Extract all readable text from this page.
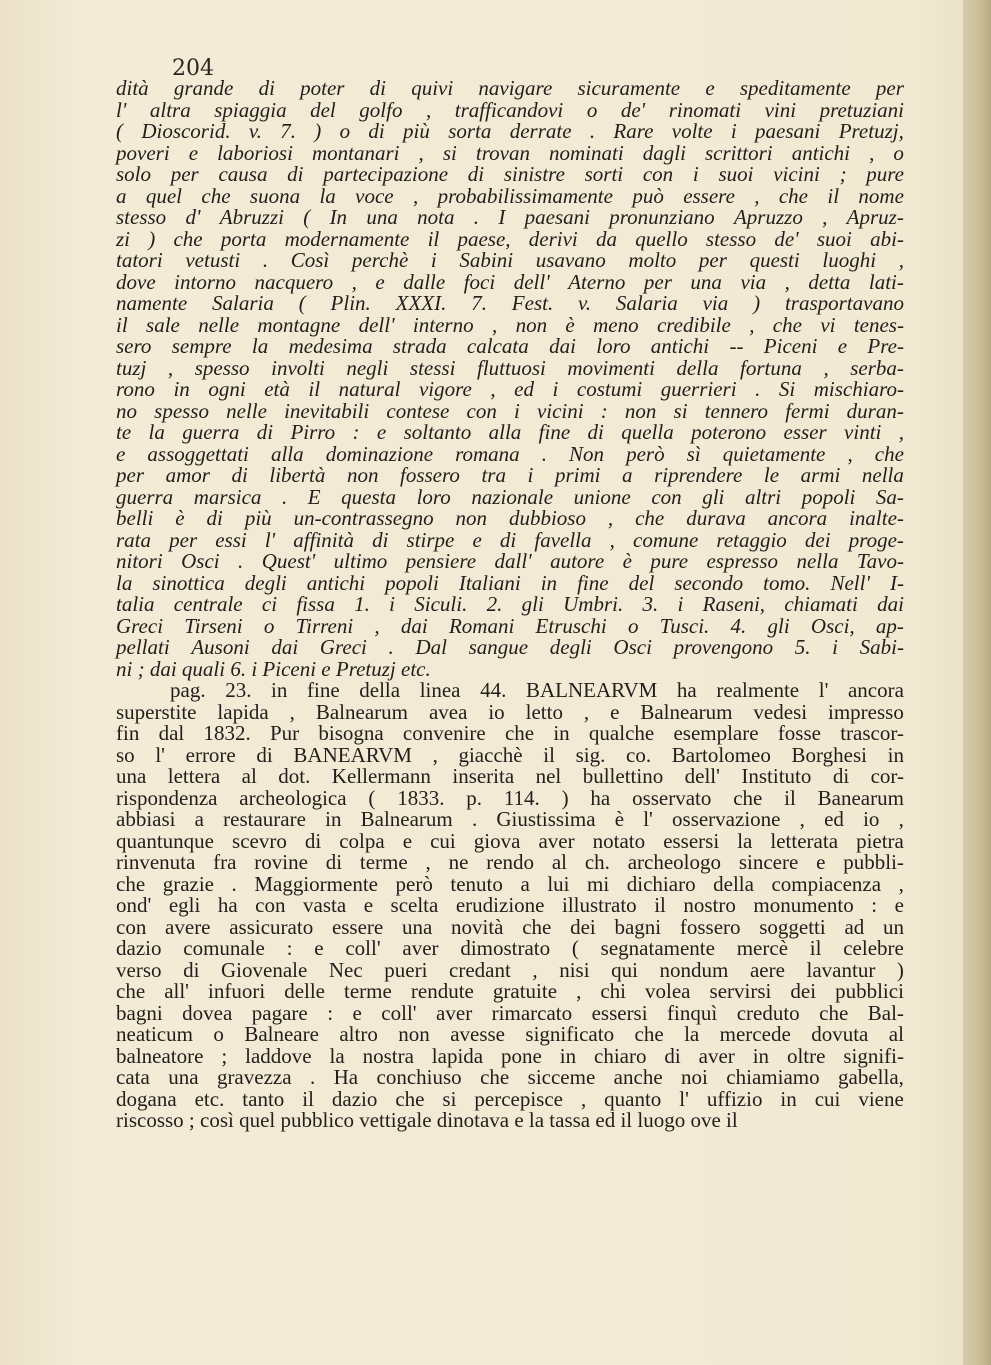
204
dità grande di poter di quivi navigare sicuramente e speditamente per
l' altra spiaggia del golfo , trafficandovi o de' rinomati vini pretuziani
( Dioscorid. v. 7. ) o di più sorta derrate . Rare volte i paesani Pretuzj,
poveri e laboriosi montanari , si trovan nominati dagli scrittori antichi , o
solo per causa di partecipazione di sinistre sorti con i suoi vicini ; pure
a quel che suona la voce , probabilissimamente può essere , che il nome
stesso d' Abruzzi ( In una nota . I paesani pronunziano Apruzzo , Apruz-
zi ) che porta modernamente il paese, derivi da quello stesso de' suoi abi-
tatori vetusti . Così perchè i Sabini usavano molto per questi luoghi ,
dove intorno nacquero , e dalle foci dell' Aterno per una via , detta lati-
namente Salaria ( Plin. XXXI. 7. Fest. v. Salaria via ) trasportavano
il sale nelle montagne dell' interno , non è meno credibile , che vi tenes-
sero sempre la medesima strada calcata dai loro antichi -- Piceni e Pre-
tuzj , spesso involti negli stessi fluttuosi movimenti della fortuna , serba-
rono in ogni età il natural vigore , ed i costumi guerrieri . Si mischiaro-
no spesso nelle inevitabili contese con i vicini : non si tennero fermi duran-
te la guerra di Pirro : e soltanto alla fine di quella poterono esser vinti ,
e assoggettati alla dominazione romana . Non però sì quietamente , che
per amor di libertà non fossero tra i primi a riprendere le armi nella
guerra marsica . E questa loro nazionale unione con gli altri popoli Sa-
belli è di più un-contrassegno non dubbioso , che durava ancora inalte-
rata per essi l' affinità di stirpe e di favella , comune retaggio dei proge-
nitori Osci . Quest' ultimo pensiere dall' autore è pure espresso nella Tavo-
la sinottica degli antichi popoli Italiani in fine del secondo tomo. Nell' I-
talia centrale ci fissa 1. i Siculi. 2. gli Umbri. 3. i Raseni, chiamati dai
Greci Tirseni o Tirreni , dai Romani Etruschi o Tusci. 4. gli Osci, ap-
pellati Ausoni dai Greci . Dal sangue degli Osci provengono 5. i Sabi-
ni ; dai quali 6. i Piceni e Pretuzj etc.
pag. 23. in fine della linea 44. BALNEARVM ha realmente l' ancora
superstite lapida , Balnearum avea io letto , e Balnearum vedesi impresso
fin dal 1832. Pur bisogna convenire che in qualche esemplare fosse trascor-
so l' errore di BANEARVM , giacchè il sig. co. Bartolomeo Borghesi in
una lettera al dot. Kellermann inserita nel bullettino dell' Instituto di cor-
rispondenza archeologica ( 1833. p. 114. ) ha osservato che il Banearum
abbiasi a restaurare in Balnearum . Giustissima è l' osservazione , ed io ,
quantunque scevro di colpa e cui giova aver notato essersi la letterata pietra
rinvenuta fra rovine di terme , ne rendo al ch. archeologo sincere e pubbli-
che grazie . Maggiormente però tenuto a lui mi dichiaro della compiacenza ,
ond' egli ha con vasta e scelta erudizione illustrato il nostro monumento : e
con avere assicurato essere una novità che dei bagni fossero soggetti ad un
dazio comunale : e coll' aver dimostrato ( segnatamente mercè il celebre
verso di Giovenale Nec pueri credant , nisi qui nondum aere lavantur )
che all' infuori delle terme rendute gratuite , chi volea servirsi dei pubblici
bagni dovea pagare : e coll' aver rimarcato essersi finquì creduto che Bal-
neaticum o Balneare altro non avesse significato che la mercede dovuta al
balneatore ; laddove la nostra lapida pone in chiaro di aver in oltre signifi-
cata una gravezza . Ha conchiuso che sicceme anche noi chiamiamo gabella,
dogana etc. tanto il dazio che si percepisce , quanto l' uffizio in cui viene
riscosso ; così quel pubblico vettigale dinotava e la tassa ed il luogo ove il
